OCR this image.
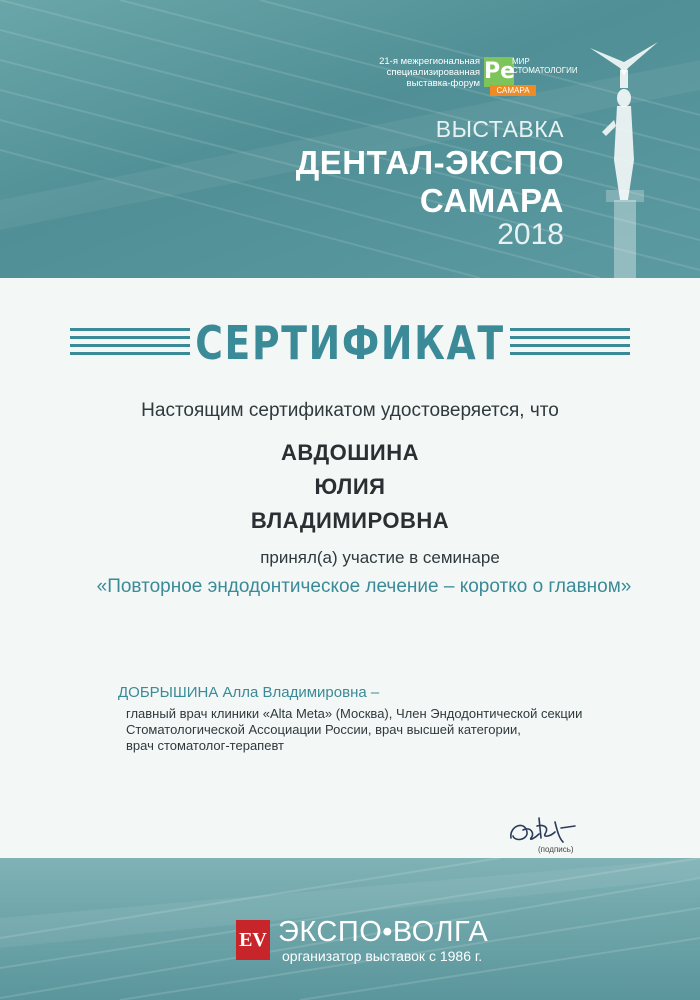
21-я межрегиональная
специализированная
выставка-форум Ре
МИР
СТОМАТОЛОГИИ
САМАРА
ВЫСТАВКА
ДЕНТАЛ-ЭКСПО
САМАРА
2018
СЕРТИФИКАТ
Настоящим сертификатом удостоверяется, что
АВДОШИНА
ЮЛИЯ
ВЛАДИМИРОВНА
принял(а) участие в семинаре
«Повторное эндодонтическое лечение – коротко о главном»
ДОБРЫШИНА Алла Владимировна –
главный врач клиники «Alta Meta» (Москва), Член Эндодонтической секции
Стоматологической Ассоциации России, врач высшей категории,
врач стоматолог-терапевт
(подпись)
EV ЭКСПО•ВОЛГА
организатор выставок с 1986 г.
